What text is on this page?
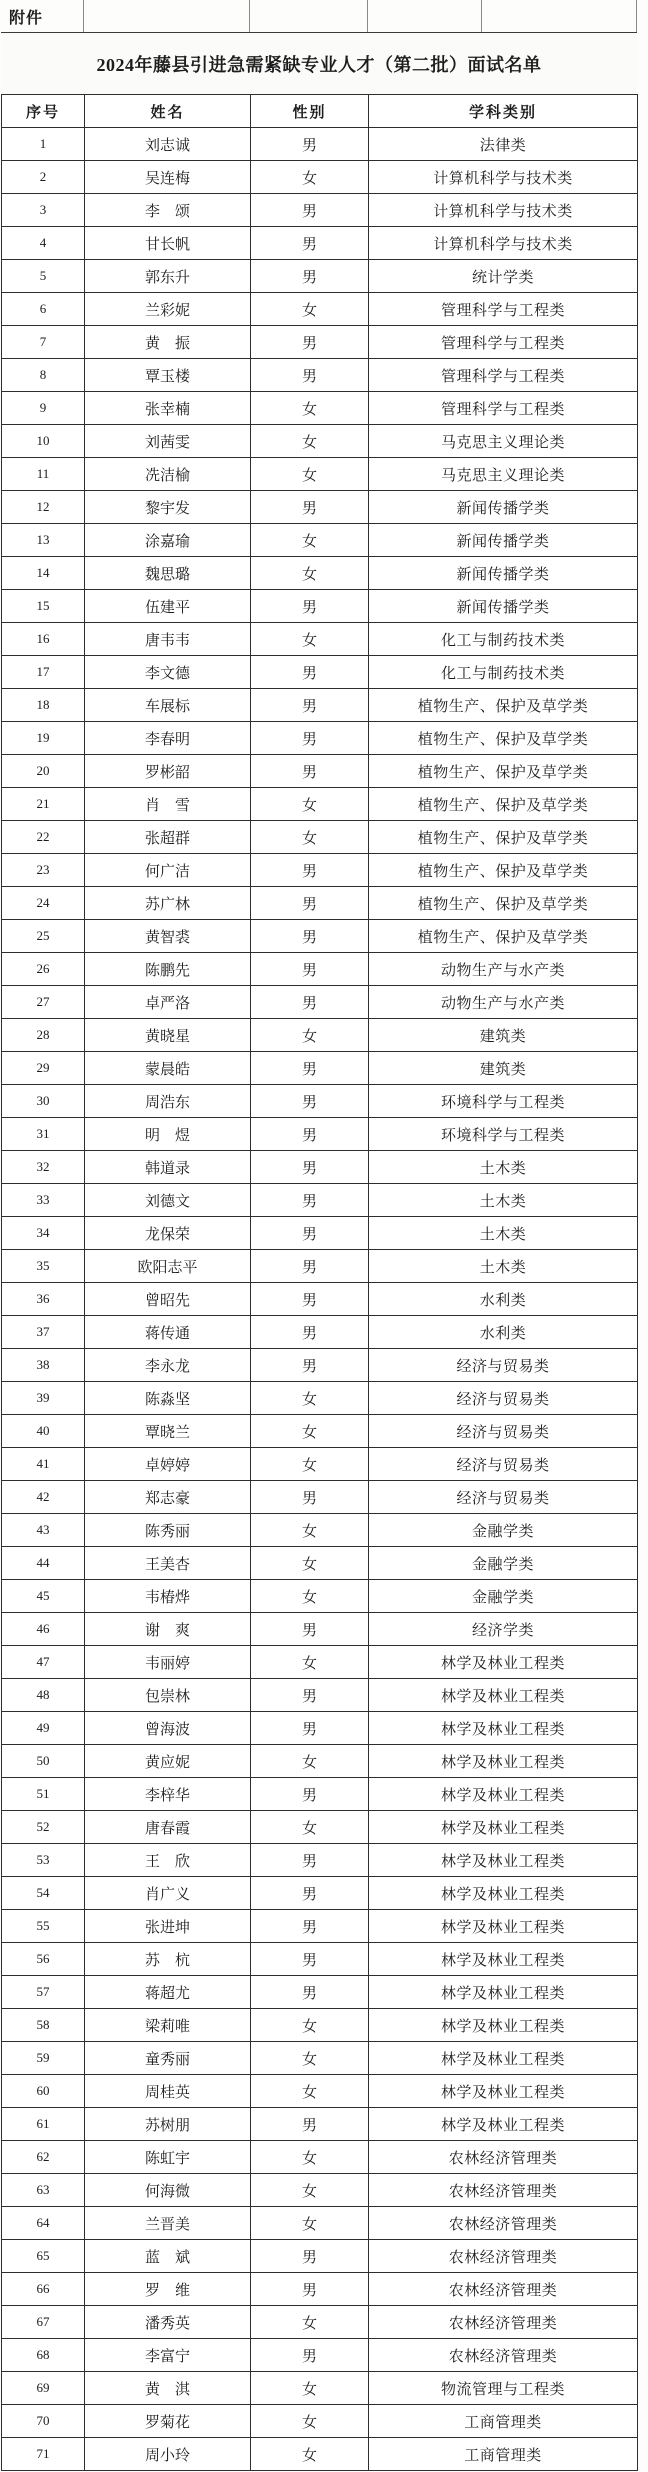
附件
2024年藤县引进急需紧缺专业人才（第二批）面试名单
序号	姓名	性别	学科类别
1	刘志诚	男	法律类
2	吴连梅	女	计算机科学与技术类
3	李　颂	男	计算机科学与技术类
4	甘长帆	男	计算机科学与技术类
5	郭东升	男	统计学类
6	兰彩妮	女	管理科学与工程类
7	黄　振	男	管理科学与工程类
8	覃玉楼	男	管理科学与工程类
9	张幸楠	女	管理科学与工程类
10	刘茜雯	女	马克思主义理论类
11	冼洁榆	女	马克思主义理论类
12	黎宇发	男	新闻传播学类
13	涂嘉瑜	女	新闻传播学类
14	魏思璐	女	新闻传播学类
15	伍建平	男	新闻传播学类
16	唐韦韦	女	化工与制药技术类
17	李文德	男	化工与制药技术类
18	车展标	男	植物生产、保护及草学类
19	李春明	男	植物生产、保护及草学类
20	罗彬韶	男	植物生产、保护及草学类
21	肖　雪	女	植物生产、保护及草学类
22	张超群	女	植物生产、保护及草学类
23	何广洁	男	植物生产、保护及草学类
24	苏广林	男	植物生产、保护及草学类
25	黄智裘	男	植物生产、保护及草学类
26	陈鹏先	男	动物生产与水产类
27	卓严洛	男	动物生产与水产类
28	黄晓星	女	建筑类
29	蒙晨皓	男	建筑类
30	周浩东	男	环境科学与工程类
31	明　煜	男	环境科学与工程类
32	韩道录	男	土木类
33	刘德文	男	土木类
34	龙保荣	男	土木类
35	欧阳志平	男	土木类
36	曾昭先	男	水利类
37	蒋传通	男	水利类
38	李永龙	男	经济与贸易类
39	陈淼坚	女	经济与贸易类
40	覃晓兰	女	经济与贸易类
41	卓婷婷	女	经济与贸易类
42	郑志豪	男	经济与贸易类
43	陈秀丽	女	金融学类
44	王美杏	女	金融学类
45	韦椿烨	女	金融学类
46	谢　爽	男	经济学类
47	韦丽婷	女	林学及林业工程类
48	包崇林	男	林学及林业工程类
49	曾海波	男	林学及林业工程类
50	黄应妮	女	林学及林业工程类
51	李梓华	男	林学及林业工程类
52	唐春霞	女	林学及林业工程类
53	王　欣	男	林学及林业工程类
54	肖广义	男	林学及林业工程类
55	张进坤	男	林学及林业工程类
56	苏　杭	男	林学及林业工程类
57	蒋超尤	男	林学及林业工程类
58	梁莉唯	女	林学及林业工程类
59	童秀丽	女	林学及林业工程类
60	周桂英	女	林学及林业工程类
61	苏树朋	男	林学及林业工程类
62	陈虹宇	女	农林经济管理类
63	何海微	女	农林经济管理类
64	兰晋美	女	农林经济管理类
65	蓝　斌	男	农林经济管理类
66	罗　维	男	农林经济管理类
67	潘秀英	女	农林经济管理类
68	李富宁	男	农林经济管理类
69	黄　淇	女	物流管理与工程类
70	罗菊花	女	工商管理类
71	周小玲	女	工商管理类
